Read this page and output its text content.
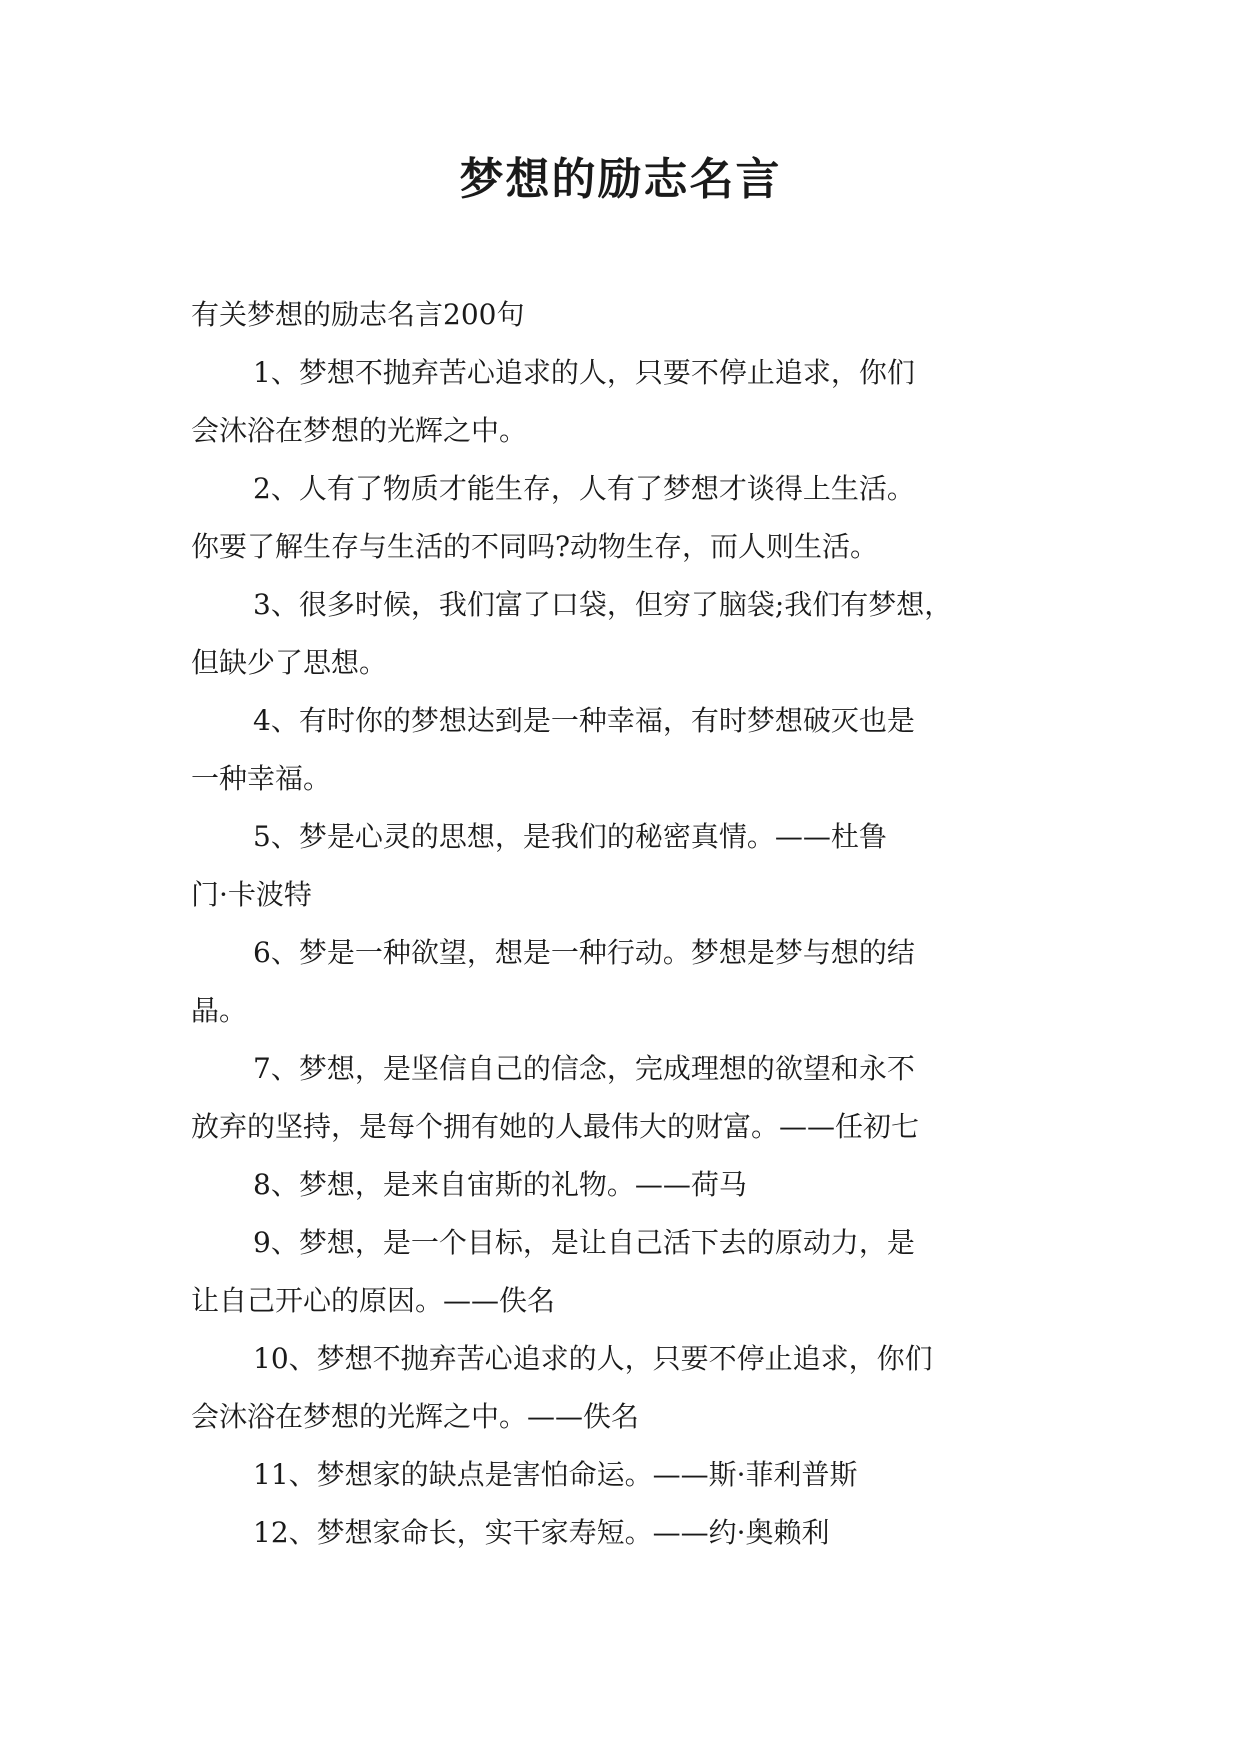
梦想的励志名言

有关梦想的励志名言200句

1、梦想不抛弃苦心追求的人，只要不停止追求，你们

会沐浴在梦想的光辉之中。

2、人有了物质才能生存，人有了梦想才谈得上生活。

你要了解生存与生活的不同吗?动物生存，而人则生活。

3、很多时候，我们富了口袋，但穷了脑袋;我们有梦想，

但缺少了思想。

4、有时你的梦想达到是一种幸福，有时梦想破灭也是

一种幸福。

5、梦是心灵的思想，是我们的秘密真情。——杜鲁

门·卡波特

6、梦是一种欲望，想是一种行动。梦想是梦与想的结

晶。

7、梦想，是坚信自己的信念，完成理想的欲望和永不

放弃的坚持，是每个拥有她的人最伟大的财富。——任初七

8、梦想，是来自宙斯的礼物。——荷马

9、梦想，是一个目标，是让自己活下去的原动力，是

让自己开心的原因。——佚名

10、梦想不抛弃苦心追求的人，只要不停止追求，你们

会沐浴在梦想的光辉之中。——佚名

11、梦想家的缺点是害怕命运。——斯·菲利普斯

12、梦想家命长，实干家寿短。——约·奥赖利
